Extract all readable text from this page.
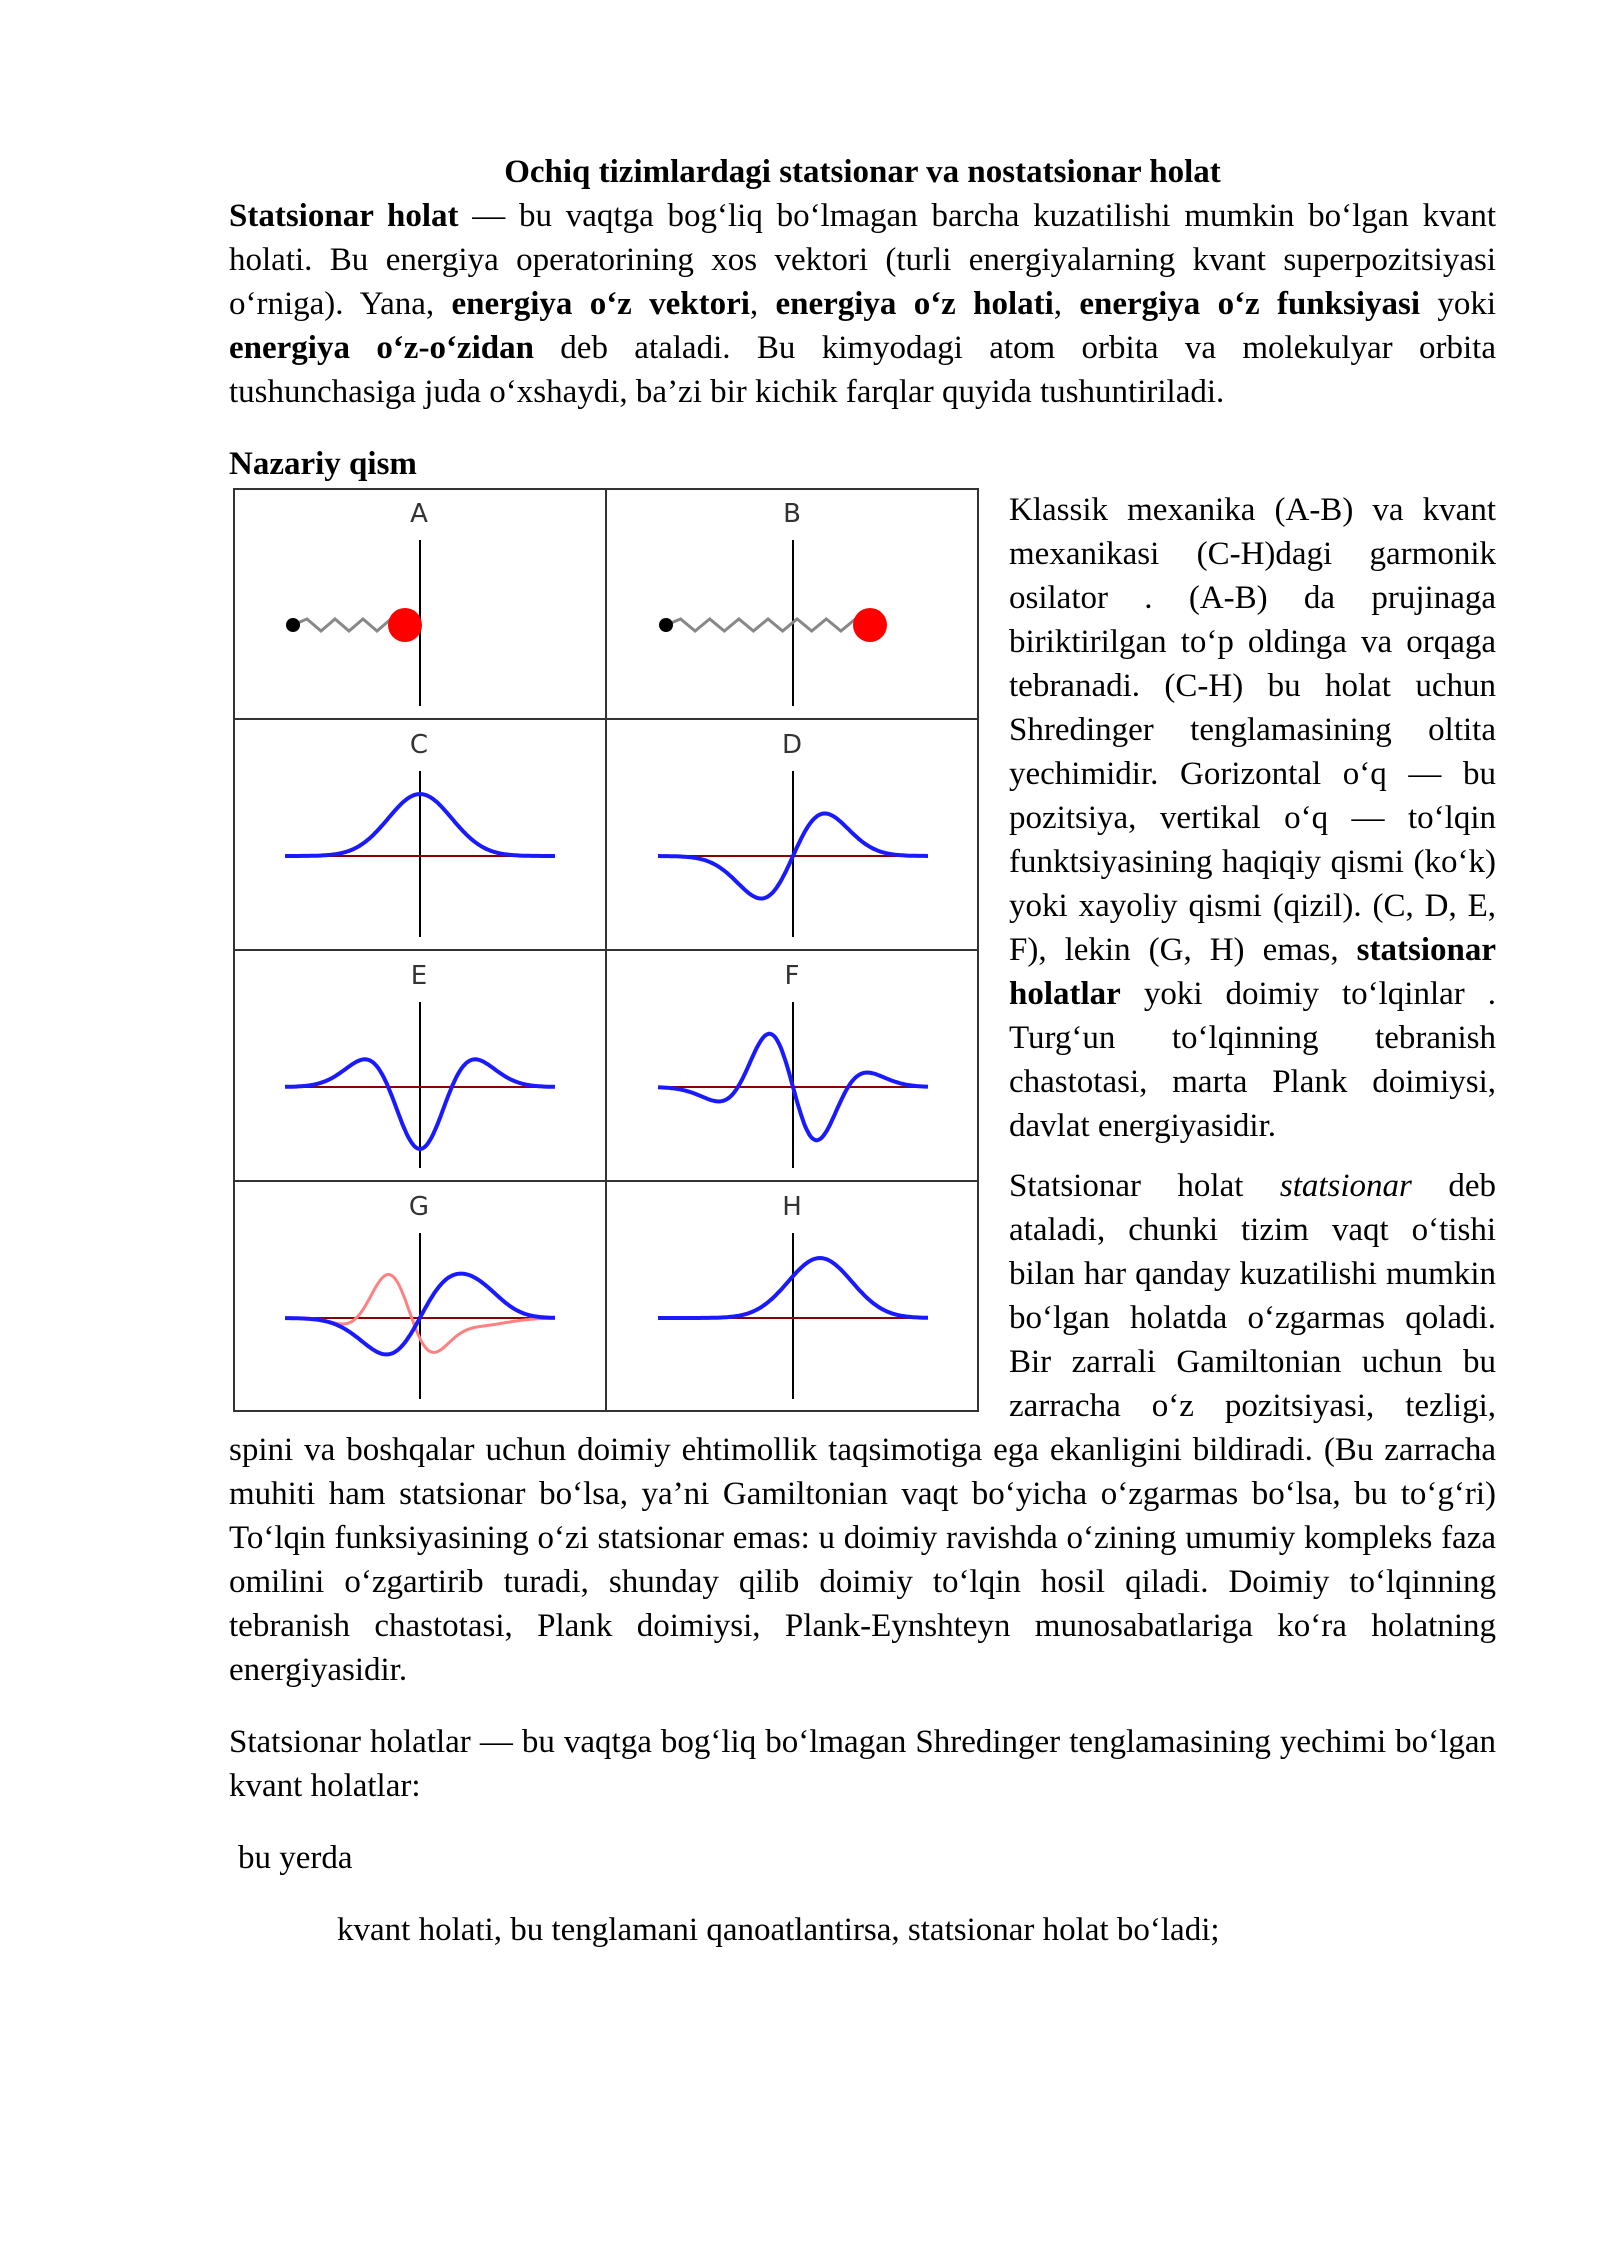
Ochiq tizimlardagi statsionar va nostatsionar holat

Statsionar holat — bu vaqtga bog‘liq bo‘lmagan barcha kuzatilishi mumkin bo‘lgan kvant holati. Bu energiya operatorining xos vektori (turli energiyalarning kvant superpozitsiyasi o‘rniga). Yana, energiya o‘z vektori, energiya o‘z holati, energiya o‘z funksiyasi yoki energiya o‘z-o‘zidan deb ataladi. Bu kimyodagi atom orbita va molekulyar orbita tushunchasiga juda o‘xshaydi, ba’zi bir kichik farqlar quyida tushuntiriladi.

Nazariy qism

A	B
C	D
E	F
G	H

Klassik mexanika (A-B) va kvant mexanikasi (C-H)dagi garmonik osilator . (A-B) da prujinaga biriktirilgan to‘p oldinga va orqaga tebranadi. (C-H) bu holat uchun Shredinger tenglamasining oltita yechimidir. Gorizontal o‘q — bu pozitsiya, vertikal o‘q — to‘lqin funktsiyasining haqiqiy qismi (ko‘k) yoki xayoliy qismi (qizil). (C, D, E, F), lekin (G, H) emas, statsionar holatlar yoki doimiy to‘lqinlar . Turg‘un to‘lqinning tebranish chastotasi, marta Plank doimiysi, davlat energiyasidir.

Statsionar holat statsionar deb ataladi, chunki tizim vaqt o‘tishi bilan har qanday kuzatilishi mumkin bo‘lgan holatda o‘zgarmas qoladi. Bir zarrali Gamiltonian uchun bu zarracha o‘z pozitsiyasi, tezligi, spini va boshqalar uchun doimiy ehtimollik taqsimotiga ega ekanligini bildiradi. (Bu zarracha muhiti ham statsionar bo‘lsa, ya’ni Gamiltonian vaqt bo‘yicha o‘zgarmas bo‘lsa, bu to‘g‘ri) To‘lqin funksiyasining o‘zi statsionar emas: u doimiy ravishda o‘zining umumiy kompleks faza omilini o‘zgartirib turadi, shunday qilib doimiy to‘lqin hosil qiladi. Doimiy to‘lqinning tebranish chastotasi, Plank doimiysi, Plank-Eynshteyn munosabatlariga ko‘ra holatning energiyasidir.

Statsionar holatlar — bu vaqtga bog‘liq bo‘lmagan Shredinger tenglamasining yechimi bo‘lgan kvant holatlar:

bu yerda

kvant holati, bu tenglamani qanoatlantirsa, statsionar holat bo‘ladi;
